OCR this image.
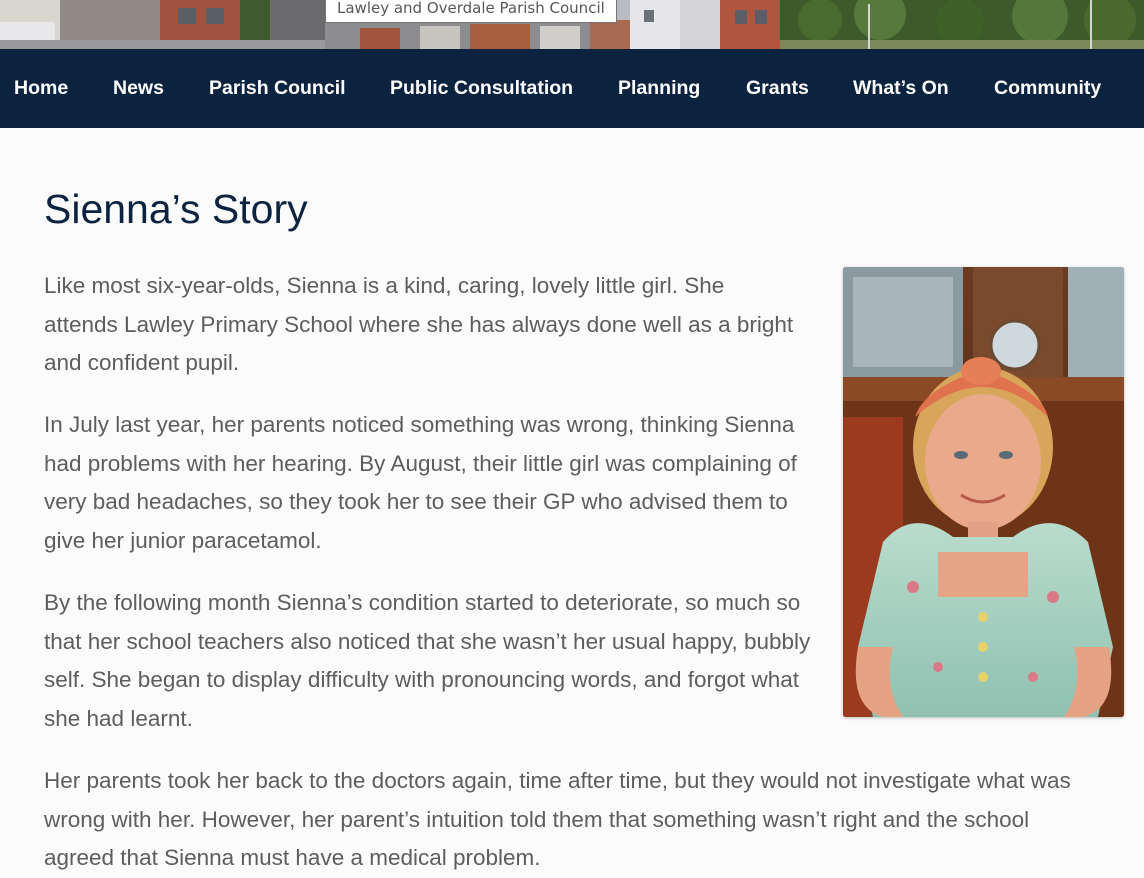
Lawley and Overdale Parish Council
Home News Parish Council Public Consultation Planning Grants What’s On Community
Sienna’s Story

Like most six-year-olds, Sienna is a kind, caring, lovely little girl. She attends Lawley Primary School where she has always done well as a bright and confident pupil.

In July last year, her parents noticed something was wrong, thinking Sienna had problems with her hearing. By August, their little girl was complaining of very bad headaches, so they took her to see their GP who advised them to give her junior paracetamol.

By the following month Sienna’s condition started to deteriorate, so much so that her school teachers also noticed that she wasn’t her usual happy, bubbly self. She began to display difficulty with pronouncing words, and forgot what she had learnt.

Her parents took her back to the doctors again, time after time, but they would not investigate what was wrong with her. However, her parent’s intuition told them that something wasn’t right and the school agreed that Sienna must have a medical problem.
